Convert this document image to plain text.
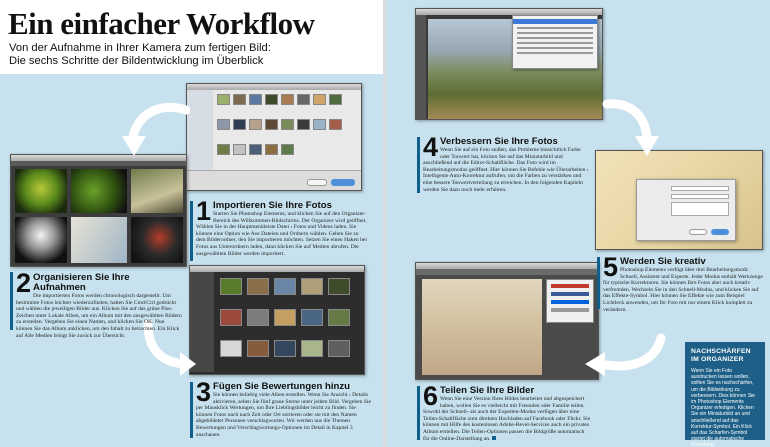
Ein einfacher Workflow
Von der Aufnahme in Ihrer Kamera zum fertigen Bild:
Die sechs Schritte der Bildentwicklung im Überblick
1 Importieren Sie Ihre Fotos
Starten Sie Photoshop Elements, und klicken Sie auf den Organizer-Bereich des Willkommen-Bildschirms. Der Organizer wird geöffnet. Wählen Sie in der Hauptmenüleiste Datei › Fotos und Videos laden. Sie können eine Option wie Aus Dateien und Ordnern wählen. Geben Sie zu dem Bilderordner, den Sie importieren möchten. Setzen Sie einen Haken bei Fotos aus Unterordnern laden, dann klicken Sie auf Medien abrufen. Die ausgewählten Bilder werden importiert.
2 Organisieren Sie Ihre Aufnahmen
Die importierten Fotos werden chronologisch dargestellt. Um bestimmte Fotos leichter wiederzufinden, halten Sie Cmd/Ctrl gedrückt und wählen die jeweiligen Bilder aus. Klicken Sie auf das grüne Plus-Zeichen unter Lokale Alben, um ein Album mit den ausgewählten Bildern zu erstellen. Vergeben Sie einen Namen, und klicken Sie OK. Nun können Sie das Album anklicken, um den Inhalt zu betrachten. Ein Klick auf Alle Medien bringt Sie zurück zur Übersicht.
3 Fügen Sie Bewertungen hinzu
Sie können beliebig viele Alben erstellen. Wenn Sie Ansicht › Details aktivieren, sehen Sie fünf graue Sterne unter jedem Bild. Vergeben Sie per Mausklick Wertungen, um Ihre Lieblingsbilder leicht zu finden. Sie können Fotos nach nach Zeit oder Ort sortieren oder sie mit den Namen abgebildeter Personen verschlagworten. Wir werden uns die Themen Bewertungen und Verschlagwortungs-Optionen im Detail in Kapitel 3 anschauen.
4 Verbessern Sie Ihre Fotos
Wenn Sie auf ein Foto stoßen, das Probleme hinsichtlich Farbe oder Tonwert hat, klicken Sie auf das Miniaturbild und anschließend auf die Editor-Schaltfläche. Das Foto wird im Bearbeitungsmodus geöffnet. Hier können Sie Befehle wie Überarbeiten › Intelligente Auto-Korrektur aufrufen, um die Farben zu verstärken und eine bessere Tonwertverteilung zu erreichen. In den folgenden Kapiteln werden Sie dazu noch mehr erfahren.
5 Werden Sie kreativ
Photoshop Elements verfügt über drei Bearbeitungsmodi: Schnell, Assistent und Experte. Jeder Modus enthält Werkzeuge für typische Korrekturen. Sie können Ihre Fotos aber auch kreativ verfremden. Wechseln Sie in den Schnell-Modus, und klicken Sie auf das Effekte-Symbol. Hier können Sie Effekte wie zum Beispiel Lichtleck anwenden, um Ihr Foto mit nur einem Klick komplett zu verändern.
6 Teilen Sie Ihre Bilder
Wenn Sie eine Version Ihres Bildes bearbeitet und abgespeichert haben, wollen Sie es vielleicht mit Freunden oder Familie teilen. Sowohl der Schnell- als auch der Experten-Modus verfügen über eine Teilen-Schaltfläche zum direkten Hochladen auf Facebook oder Flickr. Sie können mit Hilfe des kostenlosen Adobe-Revel-Services auch ein privates Album erstellen. Die Teilen-Optionen passen die Bildgröße automatisch für die Online-Darstellung an.
NACHSCHÄRFEN
IM ORGANIZER

Wenn Sie ein Foto ausdrucken lassen wollen, sollten Sie es nachschärfen, um die Bildwirkung zu verbessern. Dies können Sie im Photoshop Elements Organizer erledigen. Klicken Sie ein Miniaturbild an und anschließend auf das Korrektur-Symbol. Ein Klick auf das Scharfen-Symbol startet die automatische Scharfung.
